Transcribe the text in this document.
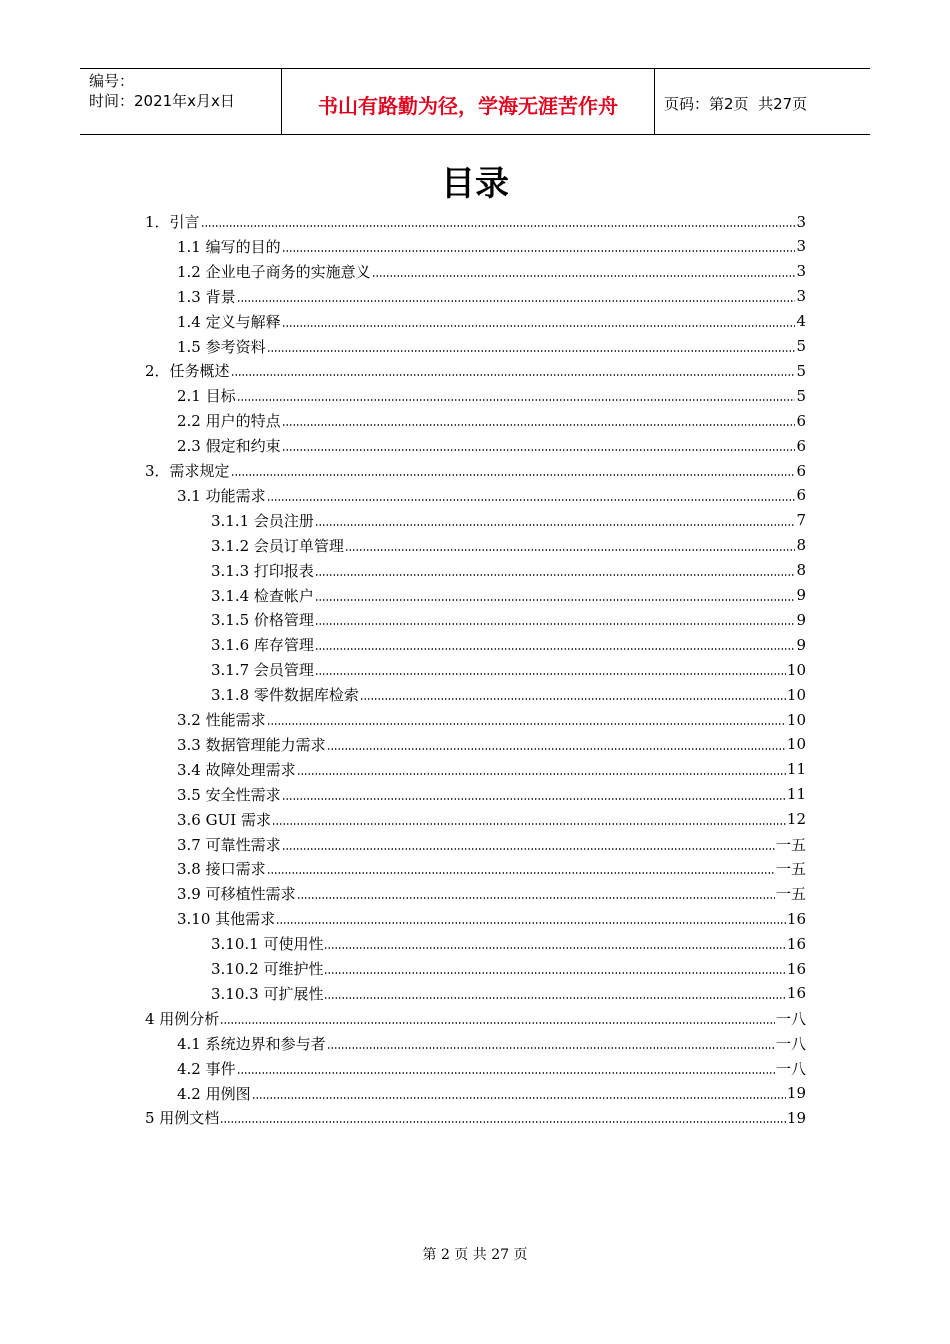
编号：
时间：2021年x月x日	书山有路勤为径，学海无涯苦作舟	页码：第2页  共27页
目录
1．引言	3
1.1 编写的目的	3
1.2 企业电子商务的实施意义	3
1.3 背景	3
1.4 定义与解释	4
1.5 参考资料	5
2．任务概述	5
2.1 目标	5
2.2 用户的特点	6
2.3 假定和约束	6
3．需求规定	6
3.1 功能需求	6
3.1.1 会员注册	7
3.1.2 会员订单管理	8
3.1.3 打印报表	8
3.1.4 检查帐户	9
3.1.5 价格管理	9
3.1.6 库存管理	9
3.1.7 会员管理	10
3.1.8 零件数据库检索	10
3.2 性能需求	10
3.3 数据管理能力需求	10
3.4 故障处理需求	11
3.5 安全性需求	11
3.6 GUI 需求	12
3.7 可靠性需求	一五
3.8 接口需求	一五
3.9 可移植性需求	一五
3.10 其他需求	16
3.10.1 可使用性	16
3.10.2 可维护性	16
3.10.3 可扩展性	16
4 用例分析	一八
4.1 系统边界和参与者	一八
4.2 事件	一八
4.2 用例图	19
5 用例文档	19
第 2 页 共 27 页
